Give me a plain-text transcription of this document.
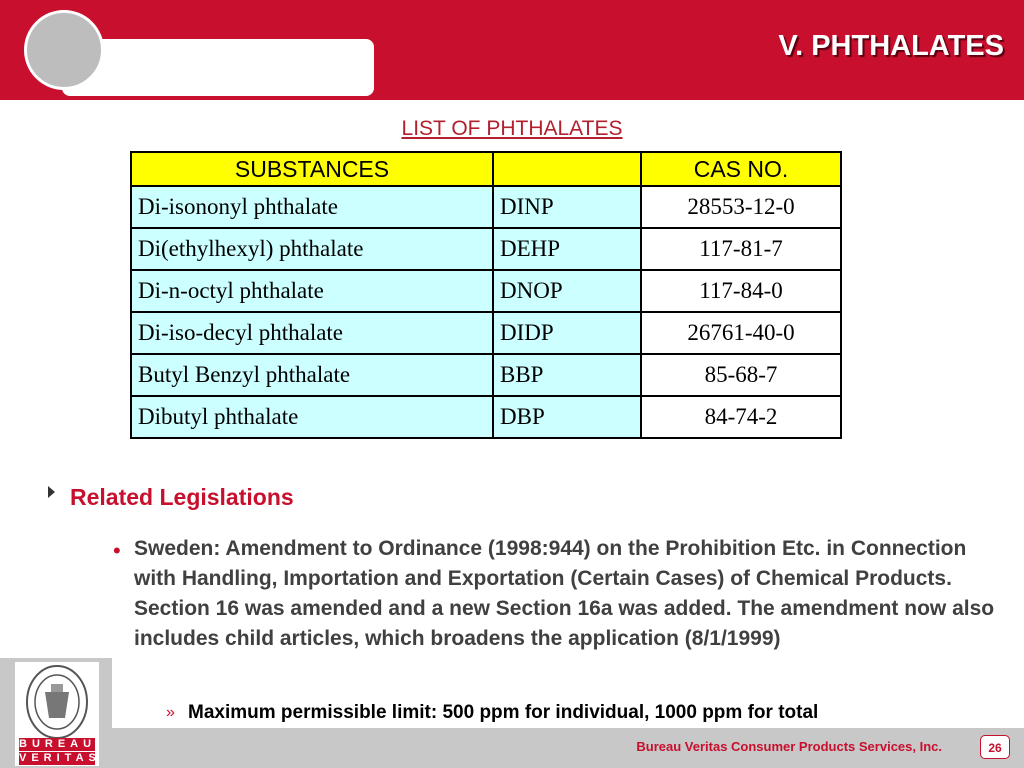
V. PHTHALATES
LIST OF PHTHALATES
SUBSTANCES		CAS NO.
Di-isononyl phthalate	DINP	28553-12-0
Di(ethylhexyl) phthalate	DEHP	117-81-7
Di-n-octyl phthalate	DNOP	117-84-0
Di-iso-decyl phthalate	DIDP	26761-40-0
Butyl Benzyl phthalate	BBP	85-68-7
Dibutyl phthalate	DBP	84-74-2
Related Legislations
• Sweden: Amendment to Ordinance (1998:944) on the Prohibition Etc. in Connection with Handling, Importation and Exportation (Certain Cases) of Chemical Products. Section 16 was amended and a new Section 16a was added. The amendment now also includes child articles, which broadens the application (8/1/1999)
» Maximum permissible limit: 500 ppm for individual, 1000 ppm for total
BUREAU
VERITAS
Bureau Veritas Consumer Products Services, Inc.	26
